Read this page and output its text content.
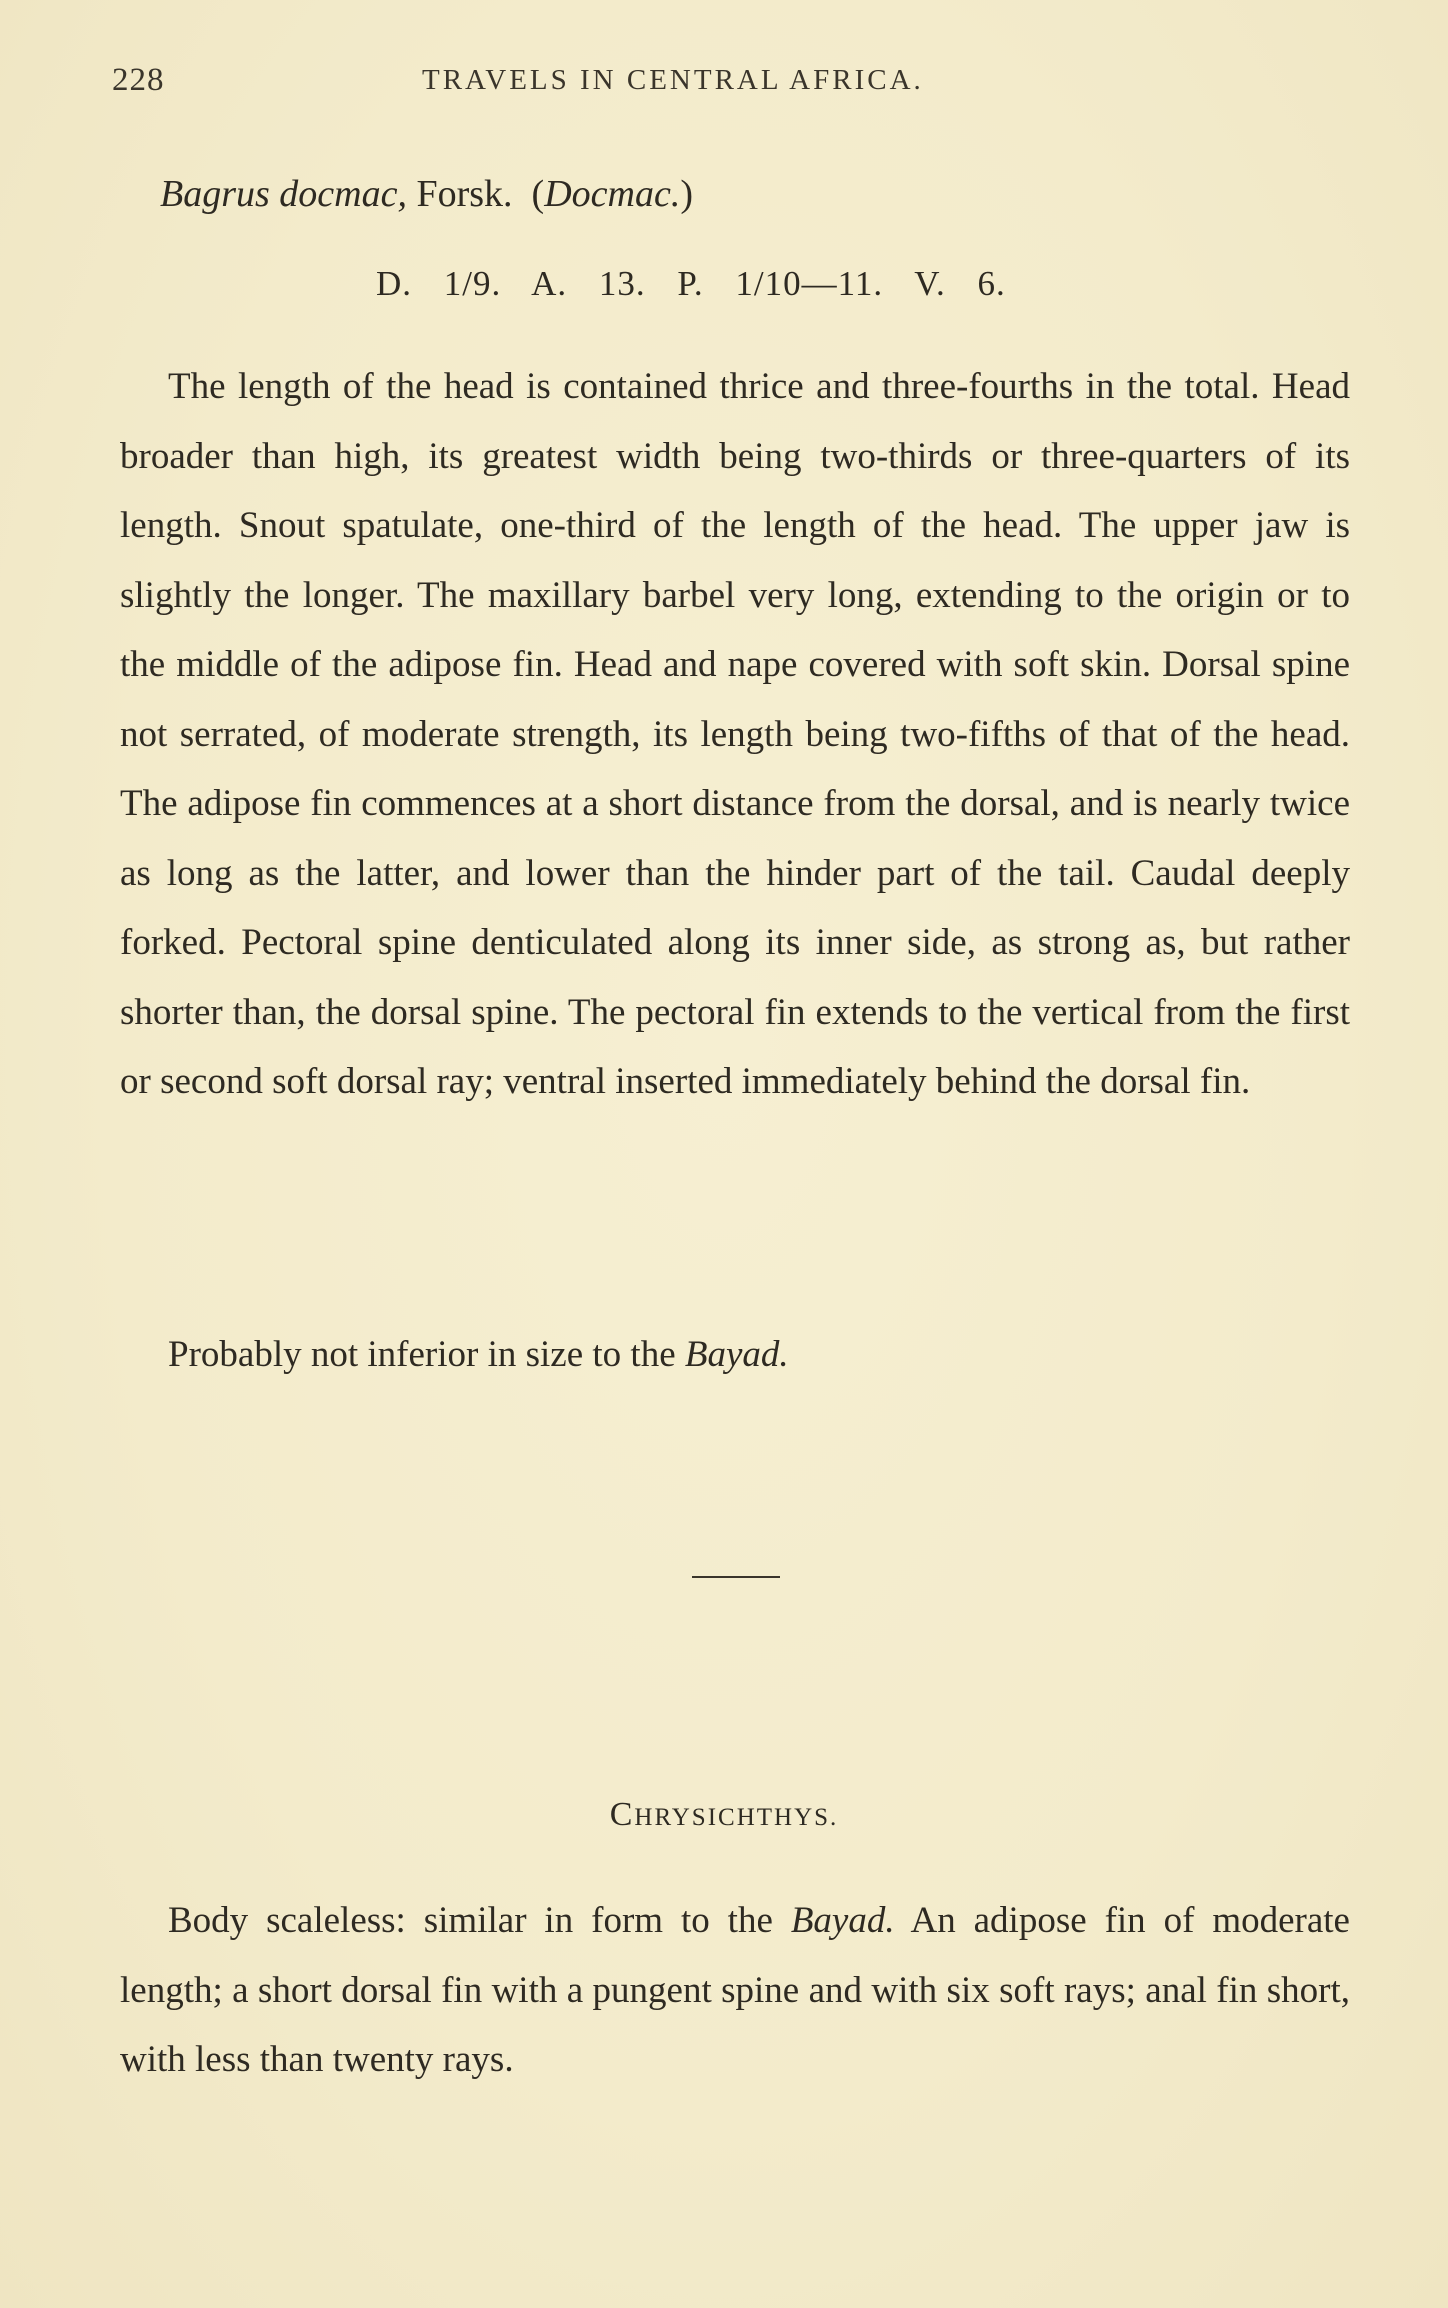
228	TRAVELS IN CENTRAL AFRICA.
Bagrus docmac, Forsk. (Docmac.)
D. 1/9. A. 13. P. 1/10—11. V. 6.

The length of the head is contained thrice and three-fourths in the total. Head broader than high, its greatest width being two-thirds or three-quarters of its length. Snout spatulate, one-third of the length of the head. The upper jaw is slightly the longer. The maxillary barbel very long, extending to the origin or to the middle of the adipose fin. Head and nape covered with soft skin. Dorsal spine not serrated, of moderate strength, its length being two-fifths of that of the head. The adipose fin commences at a short distance from the dorsal, and is nearly twice as long as the latter, and lower than the hinder part of the tail. Caudal deeply forked. Pectoral spine denticulated along its inner side, as strong as, but rather shorter than, the dorsal spine. The pectoral fin extends to the vertical from the first or second soft dorsal ray; ventral inserted immediately behind the dorsal fin.

Probably not inferior in size to the Bayad.

CHRYSICHTHYS.

Body scaleless: similar in form to the Bayad. An adipose fin of moderate length; a short dorsal fin with a pungent spine and with six soft rays; anal fin short, with less than twenty rays.
